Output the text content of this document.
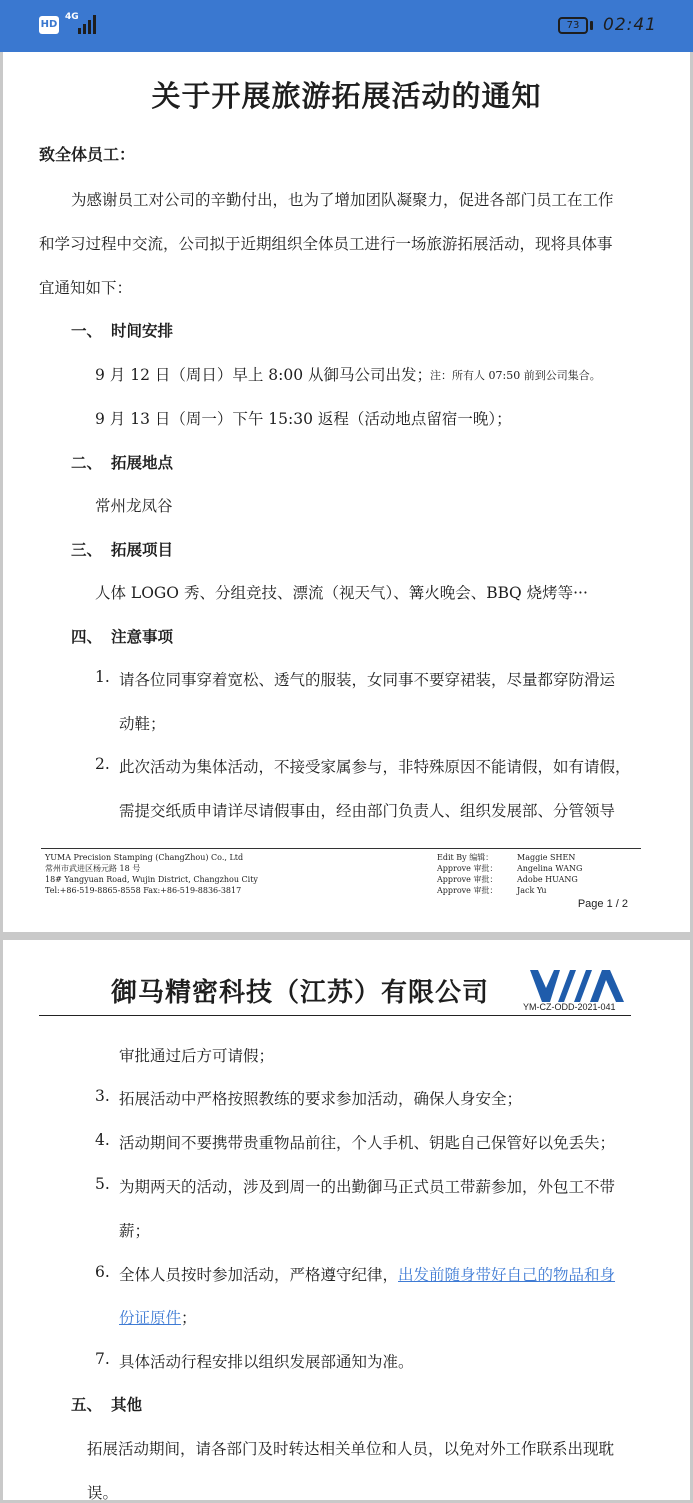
HD
4G
73	02:41
关于开展旅游拓展活动的通知
致全体员工：
为感谢员工对公司的辛勤付出，也为了增加团队凝聚力，促进各部门员工在工作
和学习过程中交流，公司拟于近期组织全体员工进行一场旅游拓展活动，现将具体事
宜通知如下：
一、 时间安排
9 月 12 日（周日）早上 8:00 从御马公司出发；
注：所有人 07:50 前到公司集合。
9 月 13 日（周一）下午 15:30 返程（活动地点留宿一晚）；
二、 拓展地点
常州龙凤谷
三、 拓展项目
人体 LOGO 秀、分组竞技、漂流（视天气）、篝火晚会、BBQ 烧烤等···
四、 注意事项
1. 请各位同事穿着宽松、透气的服装，女同事不要穿裙装，尽量都穿防滑运
动鞋；
2. 此次活动为集体活动，不接受家属参与，非特殊原因不能请假，如有请假，
需提交纸质申请详尽请假事由，经由部门负责人、组织发展部、分管领导
YUMA Precision Stamping (ChangZhou) Co., Ltd
常州市武进区杨元路 18 号
18# Yangyuan Road, Wujin District, Changzhou City
Tel:+86-519-8865-8558 Fax:+86-519-8836-3817
Edit By 编辑：	Maggie SHEN
Approve 审批： Angelina WANG
Approve 审批： Adobe HUANG
Approve 审批： Jack Yu
Page 1 / 2
御马精密科技（江苏）有限公司	YM-CZ-ODD-2021-041
审批通过后方可请假；
3. 拓展活动中严格按照教练的要求参加活动，确保人身安全；
4. 活动期间不要携带贵重物品前往，个人手机、钥匙自己保管好以免丢失；
5. 为期两天的活动，涉及到周一的出勤御马正式员工带薪参加，外包工不带
薪；
6. 全体人员按时参加活动，严格遵守纪律，出发前随身带好自己的物品和身
份证原件；
7. 具体活动行程安排以组织发展部通知为准。
五、 其他
拓展活动期间，请各部门及时转达相关单位和人员，以免对外工作联系出现耽
误。
